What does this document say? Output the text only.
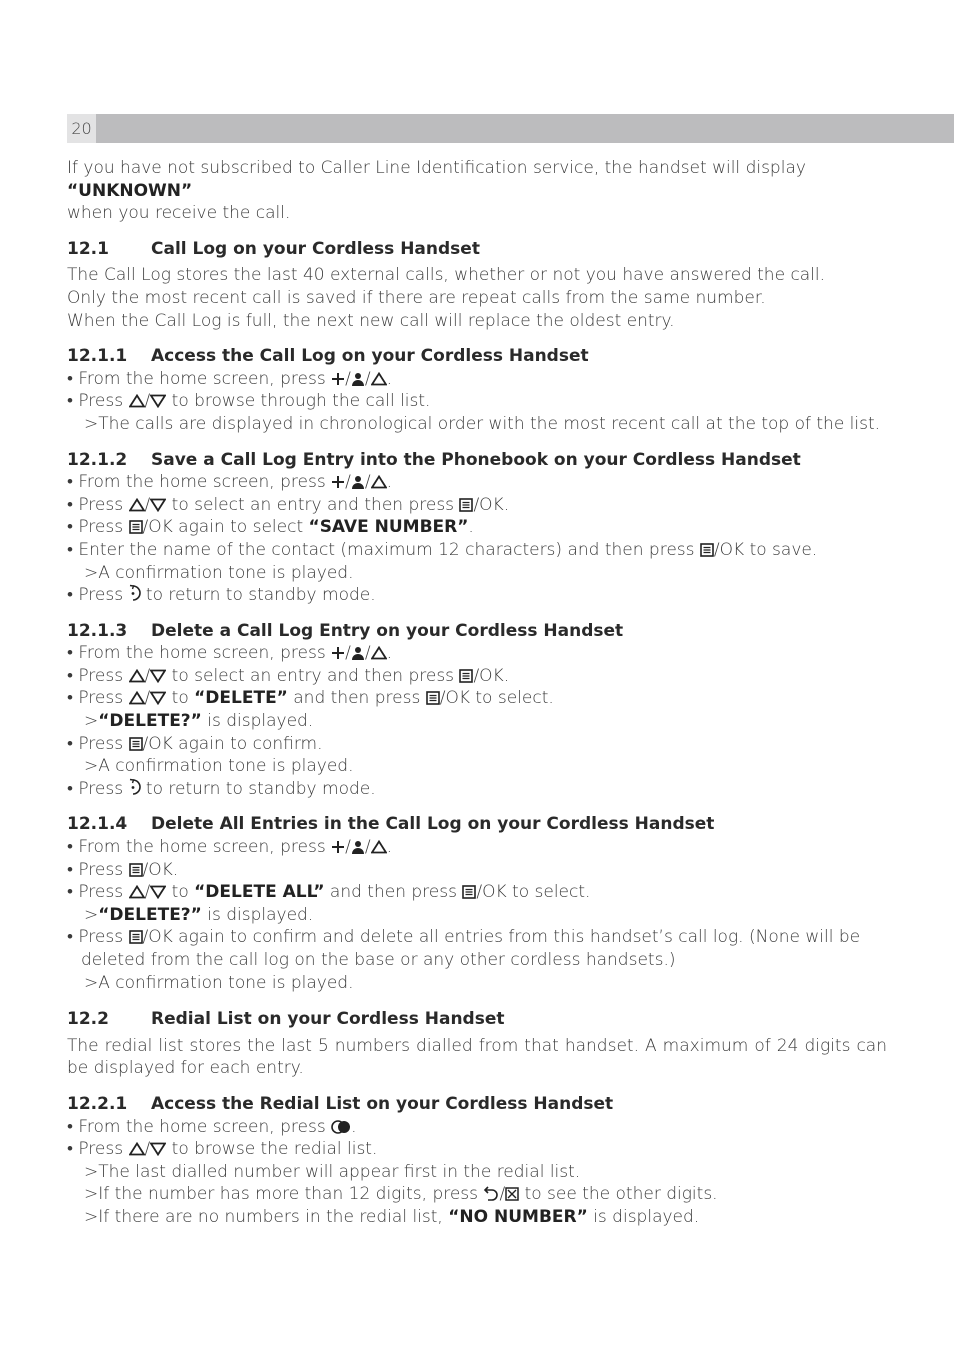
20

If you have not subscribed to Caller Line Identification service, the handset will display “UNKNOWN”
when you receive the call.

12.1	Call Log on your Cordless Handset

The Call Log stores the last 40 external calls, whether or not you have answered the call.
Only the most recent call is saved if there are repeat calls from the same number.
When the Call Log is full, the next new call will replace the oldest entry.

12.1.1	Access the Call Log on your Cordless Handset
• From the home screen, press / / .
• Press / to browse through the call list.
>The calls are displayed in chronological order with the most recent call at the top of the list.
12.1.2	Save a Call Log Entry into the Phonebook on your Cordless Handset
• From the home screen, press / / .
• Press / to select an entry and then press /OK.
• Press /OK again to select “SAVE NUMBER”.
• Enter the name of the contact (maximum 12 characters) and then press /OK to save.
>A confirmation tone is played.
• Press  to return to standby mode.
12.1.3	Delete a Call Log Entry on your Cordless Handset
• From the home screen, press / / .
• Press / to select an entry and then press /OK.
• Press / to “DELETE” and then press /OK to select.
>“DELETE?” is displayed.
• Press /OK again to confirm.
>A confirmation tone is played.
• Press  to return to standby mode.
12.1.4	Delete All Entries in the Call Log on your Cordless Handset
• From the home screen, press / / .
• Press /OK.
• Press / to “DELETE ALL” and then press /OK to select.
>“DELETE?” is displayed.
• Press /OK again to confirm and delete all entries from this handset’s call log. (None will be deleted from the call log on the base or any other cordless handsets.)
>A confirmation tone is played.
12.2	Redial List on your Cordless Handset

The redial list stores the last 5 numbers dialled from that handset. A maximum of 24 digits can be displayed for each entry.

12.2.1	Access the Redial List on your Cordless Handset
• From the home screen, press .
• Press / to browse the redial list.
>The last dialled number will appear first in the redial list.
>If the number has more than 12 digits, press / to see the other digits.
>If there are no numbers in the redial list, “NO NUMBER” is displayed.
